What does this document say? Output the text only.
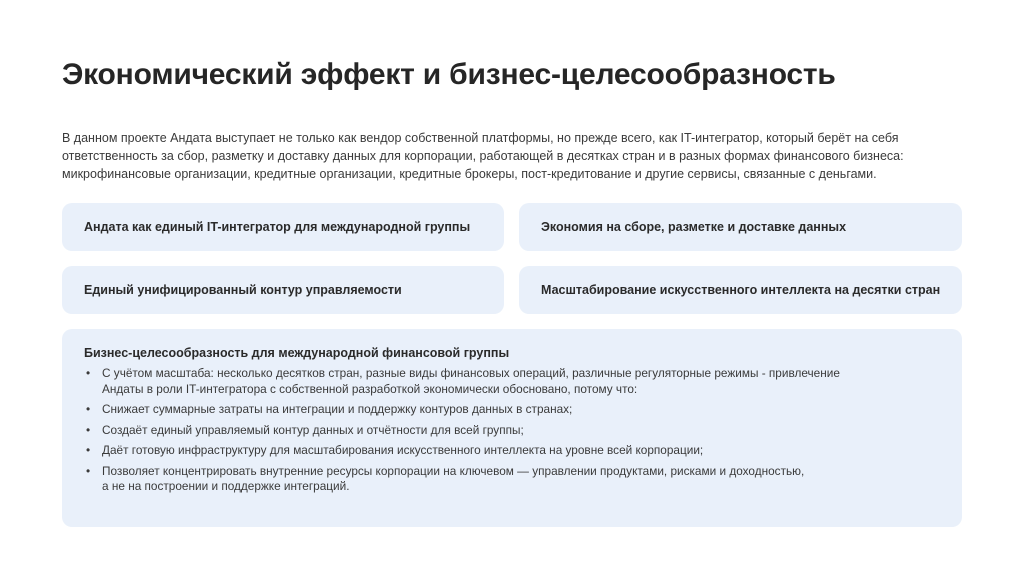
Экономический эффект и бизнес-целесообразность

В данном проекте Андата выступает не только как вендор собственной платформы, но прежде всего, как IT-интегратор, который берёт на себя
ответственность за сбор, разметку и доставку данных для корпорации, работающей в десятках стран и в разных формах финансового бизнеса:
микрофинансовые организации, кредитные организации, кредитные брокеры, пост-кредитование и другие сервисы, связанные с деньгами.

Андата как единый IT-интегратор для международной группы	Экономия на сборе, разметке и доставке данных
Единый унифицированный контур управляемости	Масштабирование искусственного интеллекта на десятки стран

Бизнес-целесообразность для международной финансовой группы

• С учётом масштаба: несколько десятков стран, разные виды финансовых операций, различные регуляторные режимы - привлечение
Андаты в роли IT-интегратора с собственной разработкой экономически обосновано, потому что:
• Снижает суммарные затраты на интеграции и поддержку контуров данных в странах;
• Создаёт единый управляемый контур данных и отчётности для всей группы;
• Даёт готовую инфраструктуру для масштабирования искусственного интеллекта на уровне всей корпорации;
• Позволяет концентрировать внутренние ресурсы корпорации на ключевом — управлении продуктами, рисками и доходностью,
а не на построении и поддержке интеграций.
